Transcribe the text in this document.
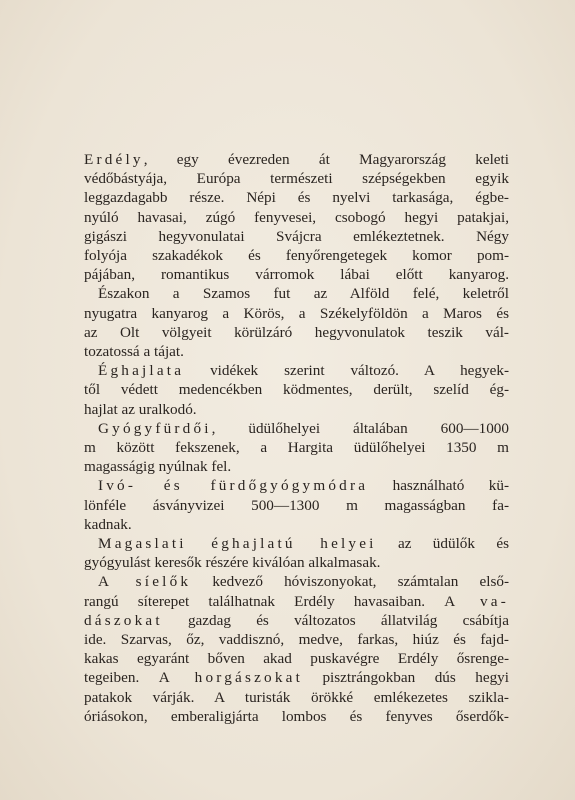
Erdély, egy évezreden át Magyarország keleti
védőbástyája, Európa természeti szépségekben egyik
leggazdagabb része. Népi és nyelvi tarkasága, égbe-
nyúló havasai, zúgó fenyvesei, csobogó hegyi patakjai,
gigászi hegyvonulatai Svájcra emlékeztetnek. Négy
folyója szakadékok és fenyőrengetegek komor pom-
pájában, romantikus várromok lábai előtt kanyarog.
Északon a Szamos fut az Alföld felé, keletről
nyugatra kanyarog a Körös, a Székelyföldön a Maros és
az Olt völgyeit körülzáró hegyvonulatok teszik vál-
tozatossá a tájat.
Éghajlata vidékek szerint változó. A hegyek-
től védett medencékben ködmentes, derült, szelíd ég-
hajlat az uralkodó.
Gyógyfürdői, üdülőhelyei általában 600—1000
m között fekszenek, a Hargita üdülőhelyei 1350 m
magasságig nyúlnak fel.
Ivó- és fürdőgyógymódra használható kü-
lönféle ásványvizei 500—1300 m magasságban fa-
kadnak.
Magaslati éghajlatú helyei az üdülők és
gyógyulást keresők részére kiválóan alkalmasak.
A síelők kedvező hóviszonyokat, számtalan első-
rangú síterepet találhatnak Erdély havasaiban. A va-
dászokat gazdag és változatos állatvilág csábítja
ide. Szarvas, őz, vaddisznó, medve, farkas, hiúz és fajd-
kakas egyaránt bőven akad puskavégre Erdély ősrenge-
tegeiben. A horgászokat pisztrángokban dús hegyi
patakok várják. A turisták örökké emlékezetes szikla-
óriásokon, emberaligjárta lombos és fenyves őserdők-
